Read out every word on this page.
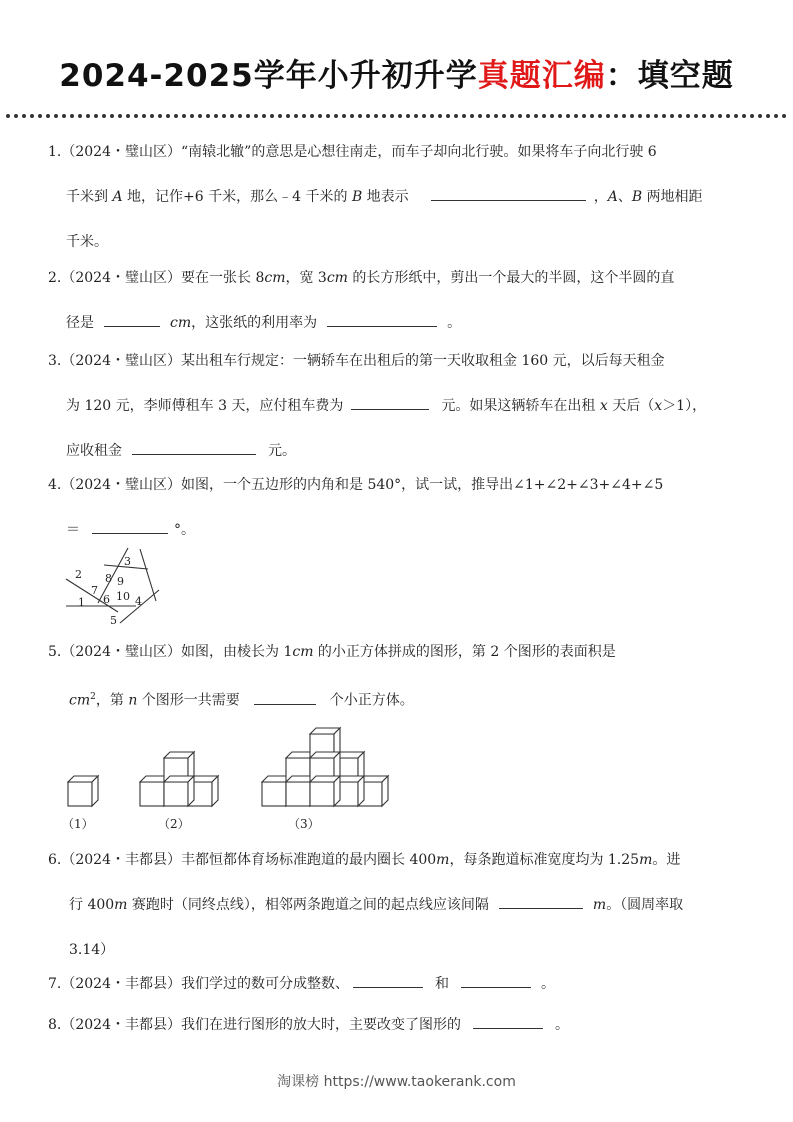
2024-2025学年小升初升学真题汇编：填空题

1.（2024・璧山区）“南辕北辙”的意思是心想往南走，而车子却向北行驶。如果将车子向北行驶 6

千米到 A 地，记作+6 千米，那么﹣4 千米的 B 地表示	，A、B 两地相距

千米。

2.（2024・璧山区）要在一张长 8cm，宽 3cm 的长方形纸中，剪出一个最大的半圆，这个半圆的直

径是	cm，这张纸的利用率为	。

3.（2024・璧山区）某出租车行规定：一辆轿车在出租后的第一天收取租金 160 元，以后每天租金

为 120 元，李师傅租车 3 天，应付租车费为	元。如果这辆轿车在出租 x 天后（x＞1），

应收租金	元。

4.（2024・璧山区）如图，一个五边形的内角和是 540°，试一试，推导出∠1+∠2+∠3+∠4+∠5

＝	°。

1
2
3
4
5
6
7
8 9
10

5.（2024・璧山区）如图，由棱长为 1cm 的小正方体拼成的图形，第 2 个图形的表面积是

$cm^2$，第 n 个图形一共需要	个小正方体。

（1）	（2）	（3）

6.（2024・丰都县）丰都恒都体育场标准跑道的最内圈长 400m，每条跑道标准宽度均为 1.25m。进

行 400m 赛跑时（同终点线），相邻两条跑道之间的起点线应该间隔	m。（圆周率取

3.14）

7.（2024・丰都县）我们学过的数可分成整数、	和	。

8.（2024・丰都县）我们在进行图形的放大时，主要改变了图形的	。

淘课榜 https://www.taokerank.com
